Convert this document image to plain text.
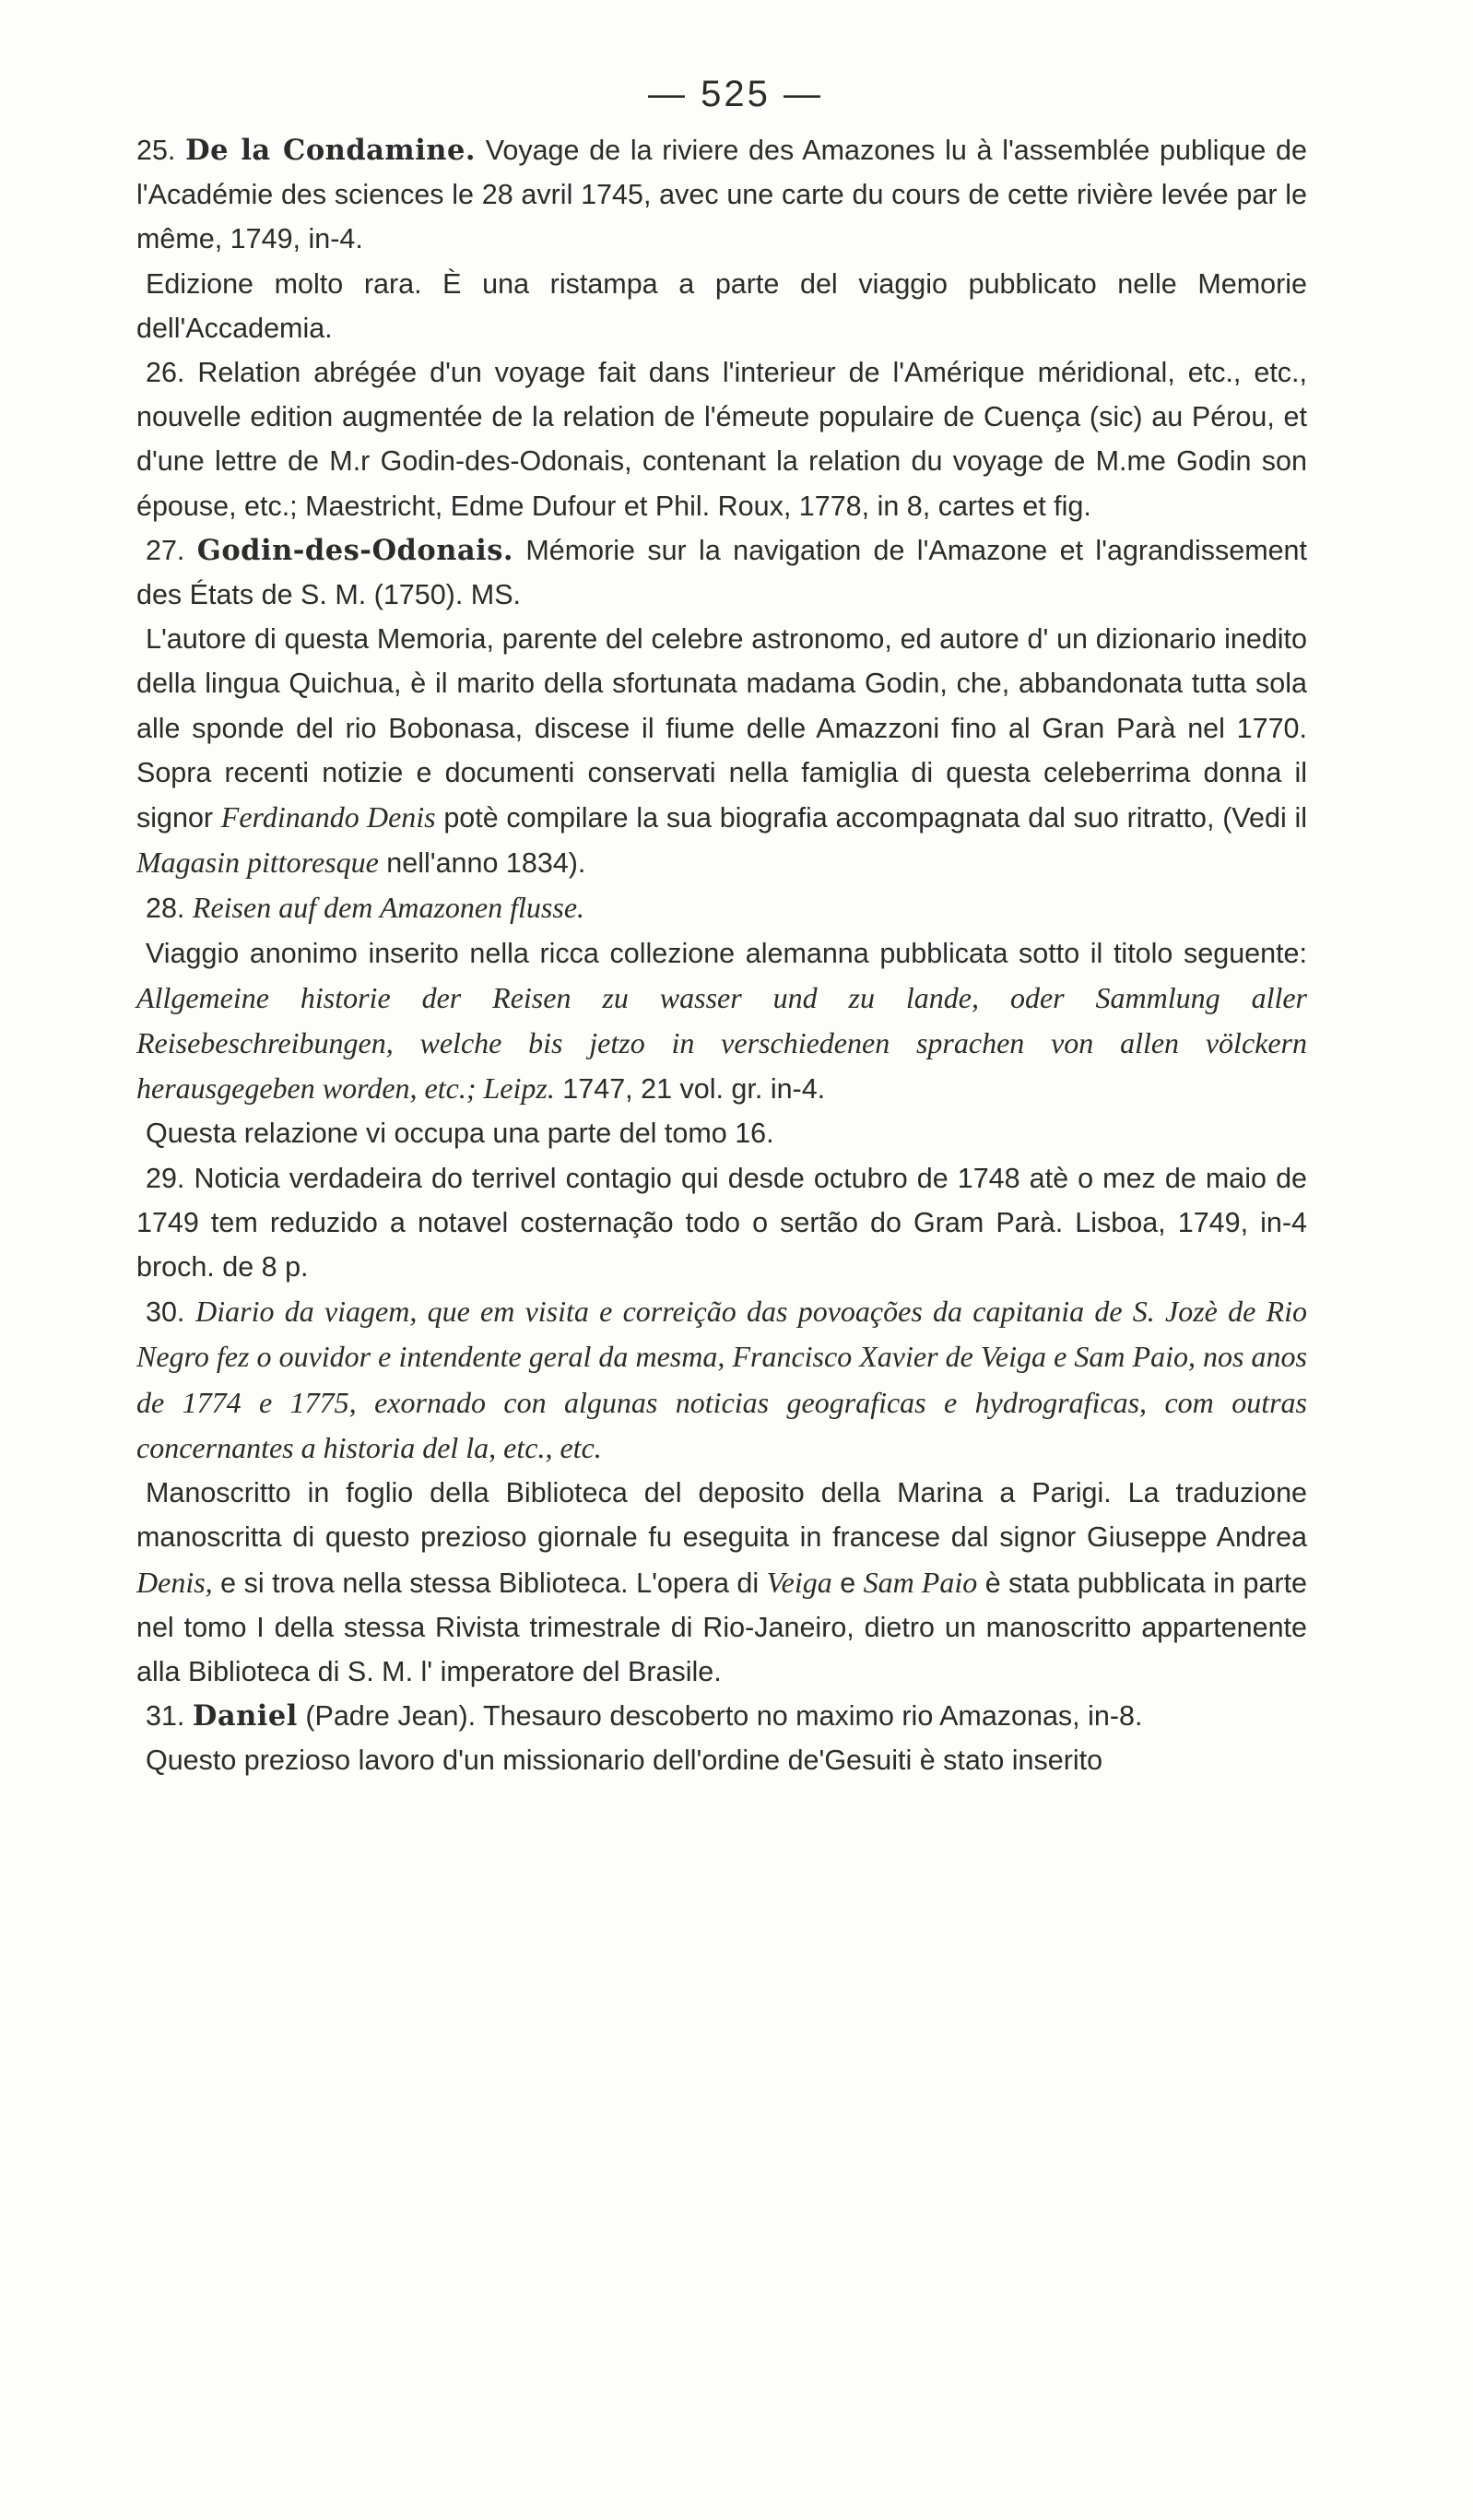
— 525 —

25. De la Condamine. Voyage de la riviere des Amazones lu à l'assemblée publique de l'Académie des sciences le 28 avril 1745, avec une carte du cours de cette rivière levée par le même, 1749, in-4.

Edizione molto rara. È una ristampa a parte del viaggio pubblicato nelle Memorie dell'Accademia.

26. Relation abrégée d'un voyage fait dans l'interieur de l'Amérique méridional, etc., etc., nouvelle edition augmentée de la relation de l'émeute populaire de Cuença (sic) au Pérou, et d'une lettre de M.r Godin-des-Odonais, contenant la relation du voyage de M.me Godin son épouse, etc.; Maestricht, Edme Dufour et Phil. Roux, 1778, in 8, cartes et fig.

27. Godin-des-Odonais. Mémorie sur la navigation de l'Amazone et l'agrandissement des États de S. M. (1750). MS.

L'autore di questa Memoria, parente del celebre astronomo, ed autore d' un dizionario inedito della lingua Quichua, è il marito della sfortunata madama Godin, che, abbandonata tutta sola alle sponde del rio Bobonasa, discese il fiume delle Amazzoni fino al Gran Parà nel 1770. Sopra recenti notizie e documenti conservati nella famiglia di questa celeberrima donna il signor Ferdinando Denis potè compilare la sua biografia accompagnata dal suo ritratto, (Vedi il Magasin pittoresque nell'anno 1834).

28. Reisen auf dem Amazonen flusse.

Viaggio anonimo inserito nella ricca collezione alemanna pubblicata sotto il titolo seguente: Allgemeine historie der Reisen zu wasser und zu lande, oder Sammlung aller Reisebeschreibungen, welche bis jetzo in verschiedenen sprachen von allen völckern herausgegeben worden, etc.; Leipz. 1747, 21 vol. gr. in-4.

Questa relazione vi occupa una parte del tomo 16.

29. Noticia verdadeira do terrivel contagio qui desde octubro de 1748 atè o mez de maio de 1749 tem reduzido a notavel costernação todo o sertão do Gram Parà. Lisboa, 1749, in-4 broch. de 8 p.

30. Diario da viagem, que em visita e correição das povoações da capitania de S. Jozè de Rio Negro fez o ouvidor e intendente geral da mesma, Francisco Xavier de Veiga e Sam Paio, nos anos de 1774 e 1775, exornado con algunas noticias geograficas e hydrograficas, com outras concernantes a historia del la, etc., etc.

Manoscritto in foglio della Biblioteca del deposito della Marina a Parigi. La traduzione manoscritta di questo prezioso giornale fu eseguita in francese dal signor Giuseppe Andrea Denis, e si trova nella stessa Biblioteca. L'opera di Veiga e Sam Paio è stata pubblicata in parte nel tomo I della stessa Rivista trimestrale di Rio-Janeiro, dietro un manoscritto appartenente alla Biblioteca di S. M. l' imperatore del Brasile.

31. Daniel (Padre Jean). Thesauro descoberto no maximo rio Amazonas, in-8.

Questo prezioso lavoro d'un missionario dell'ordine de'Gesuiti è stato inserito
